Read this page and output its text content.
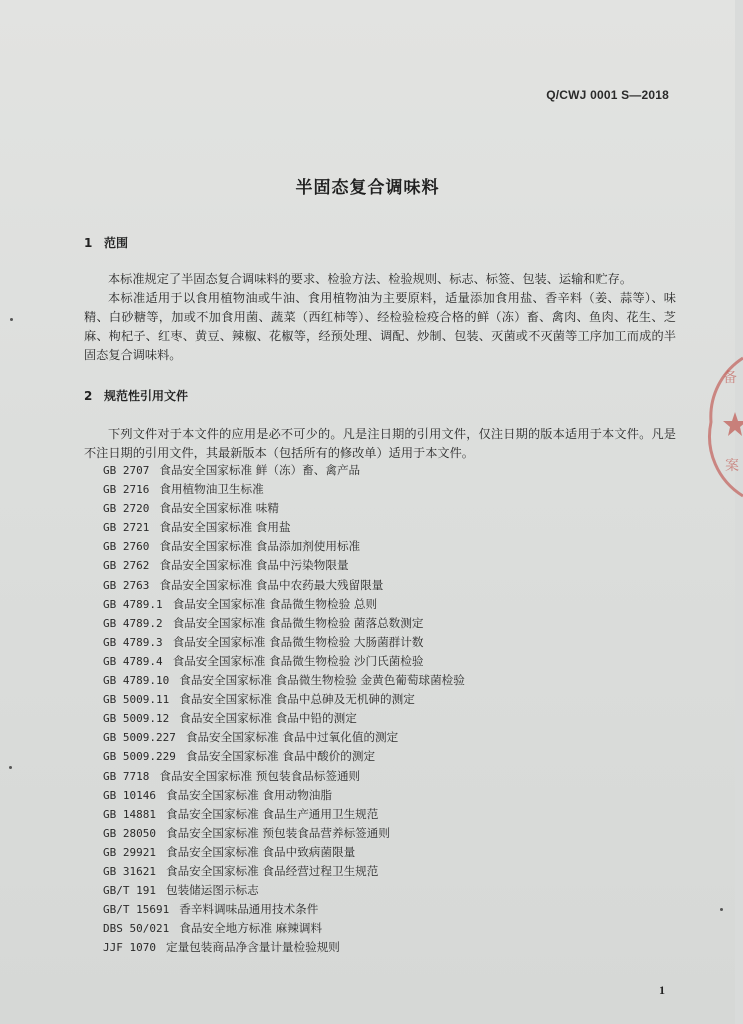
Q/CWJ 0001 S—2018
半固态复合调味料
1 范围

本标准规定了半固态复合调味料的要求、检验方法、检验规则、标志、标签、包装、运输和贮存。

本标准适用于以食用植物油或牛油、食用植物油为主要原料，适量添加食用盐、香辛料（姜、蒜等）、味精、白砂糖等，加或不加食用菌、蔬菜（西红柿等）、经检验检疫合格的鲜（冻）畜、禽肉、鱼肉、花生、芝麻、枸杞子、红枣、黄豆、辣椒、花椒等，经预处理、调配、炒制、包装、灭菌或不灭菌等工序加工而成的半固态复合调味料。

2 规范性引用文件

下列文件对于本文件的应用是必不可少的。凡是注日期的引用文件，仅注日期的版本适用于本文件。凡是不注日期的引用文件，其最新版本（包括所有的修改单）适用于本文件。

GB 2707 食品安全国家标准 鲜（冻）畜、禽产品
GB 2716 食用植物油卫生标准
GB 2720 食品安全国家标准 味精
GB 2721 食品安全国家标准 食用盐
GB 2760 食品安全国家标准 食品添加剂使用标准
GB 2762 食品安全国家标准 食品中污染物限量
GB 2763 食品安全国家标准 食品中农药最大残留限量
GB 4789.1 食品安全国家标准 食品微生物检验 总则
GB 4789.2 食品安全国家标准 食品微生物检验 菌落总数测定
GB 4789.3 食品安全国家标准 食品微生物检验 大肠菌群计数
GB 4789.4 食品安全国家标准 食品微生物检验 沙门氏菌检验
GB 4789.10 食品安全国家标准 食品微生物检验 金黄色葡萄球菌检验
GB 5009.11 食品安全国家标准 食品中总砷及无机砷的测定
GB 5009.12 食品安全国家标准 食品中铅的测定
GB 5009.227 食品安全国家标准 食品中过氧化值的测定
GB 5009.229 食品安全国家标准 食品中酸价的测定
GB 7718 食品安全国家标准 预包装食品标签通则
GB 10146 食品安全国家标准 食用动物油脂
GB 14881 食品安全国家标准 食品生产通用卫生规范
GB 28050 食品安全国家标准 预包装食品营养标签通则
GB 29921 食品安全国家标准 食品中致病菌限量
GB 31621 食品安全国家标准 食品经营过程卫生规范
GB/T 191 包装储运图示标志
GB/T 15691 香辛料调味品通用技术条件
DBS 50/021 食品安全地方标准 麻辣调料
JJF 1070 定量包装商品净含量计量检验规则
1
备
案
